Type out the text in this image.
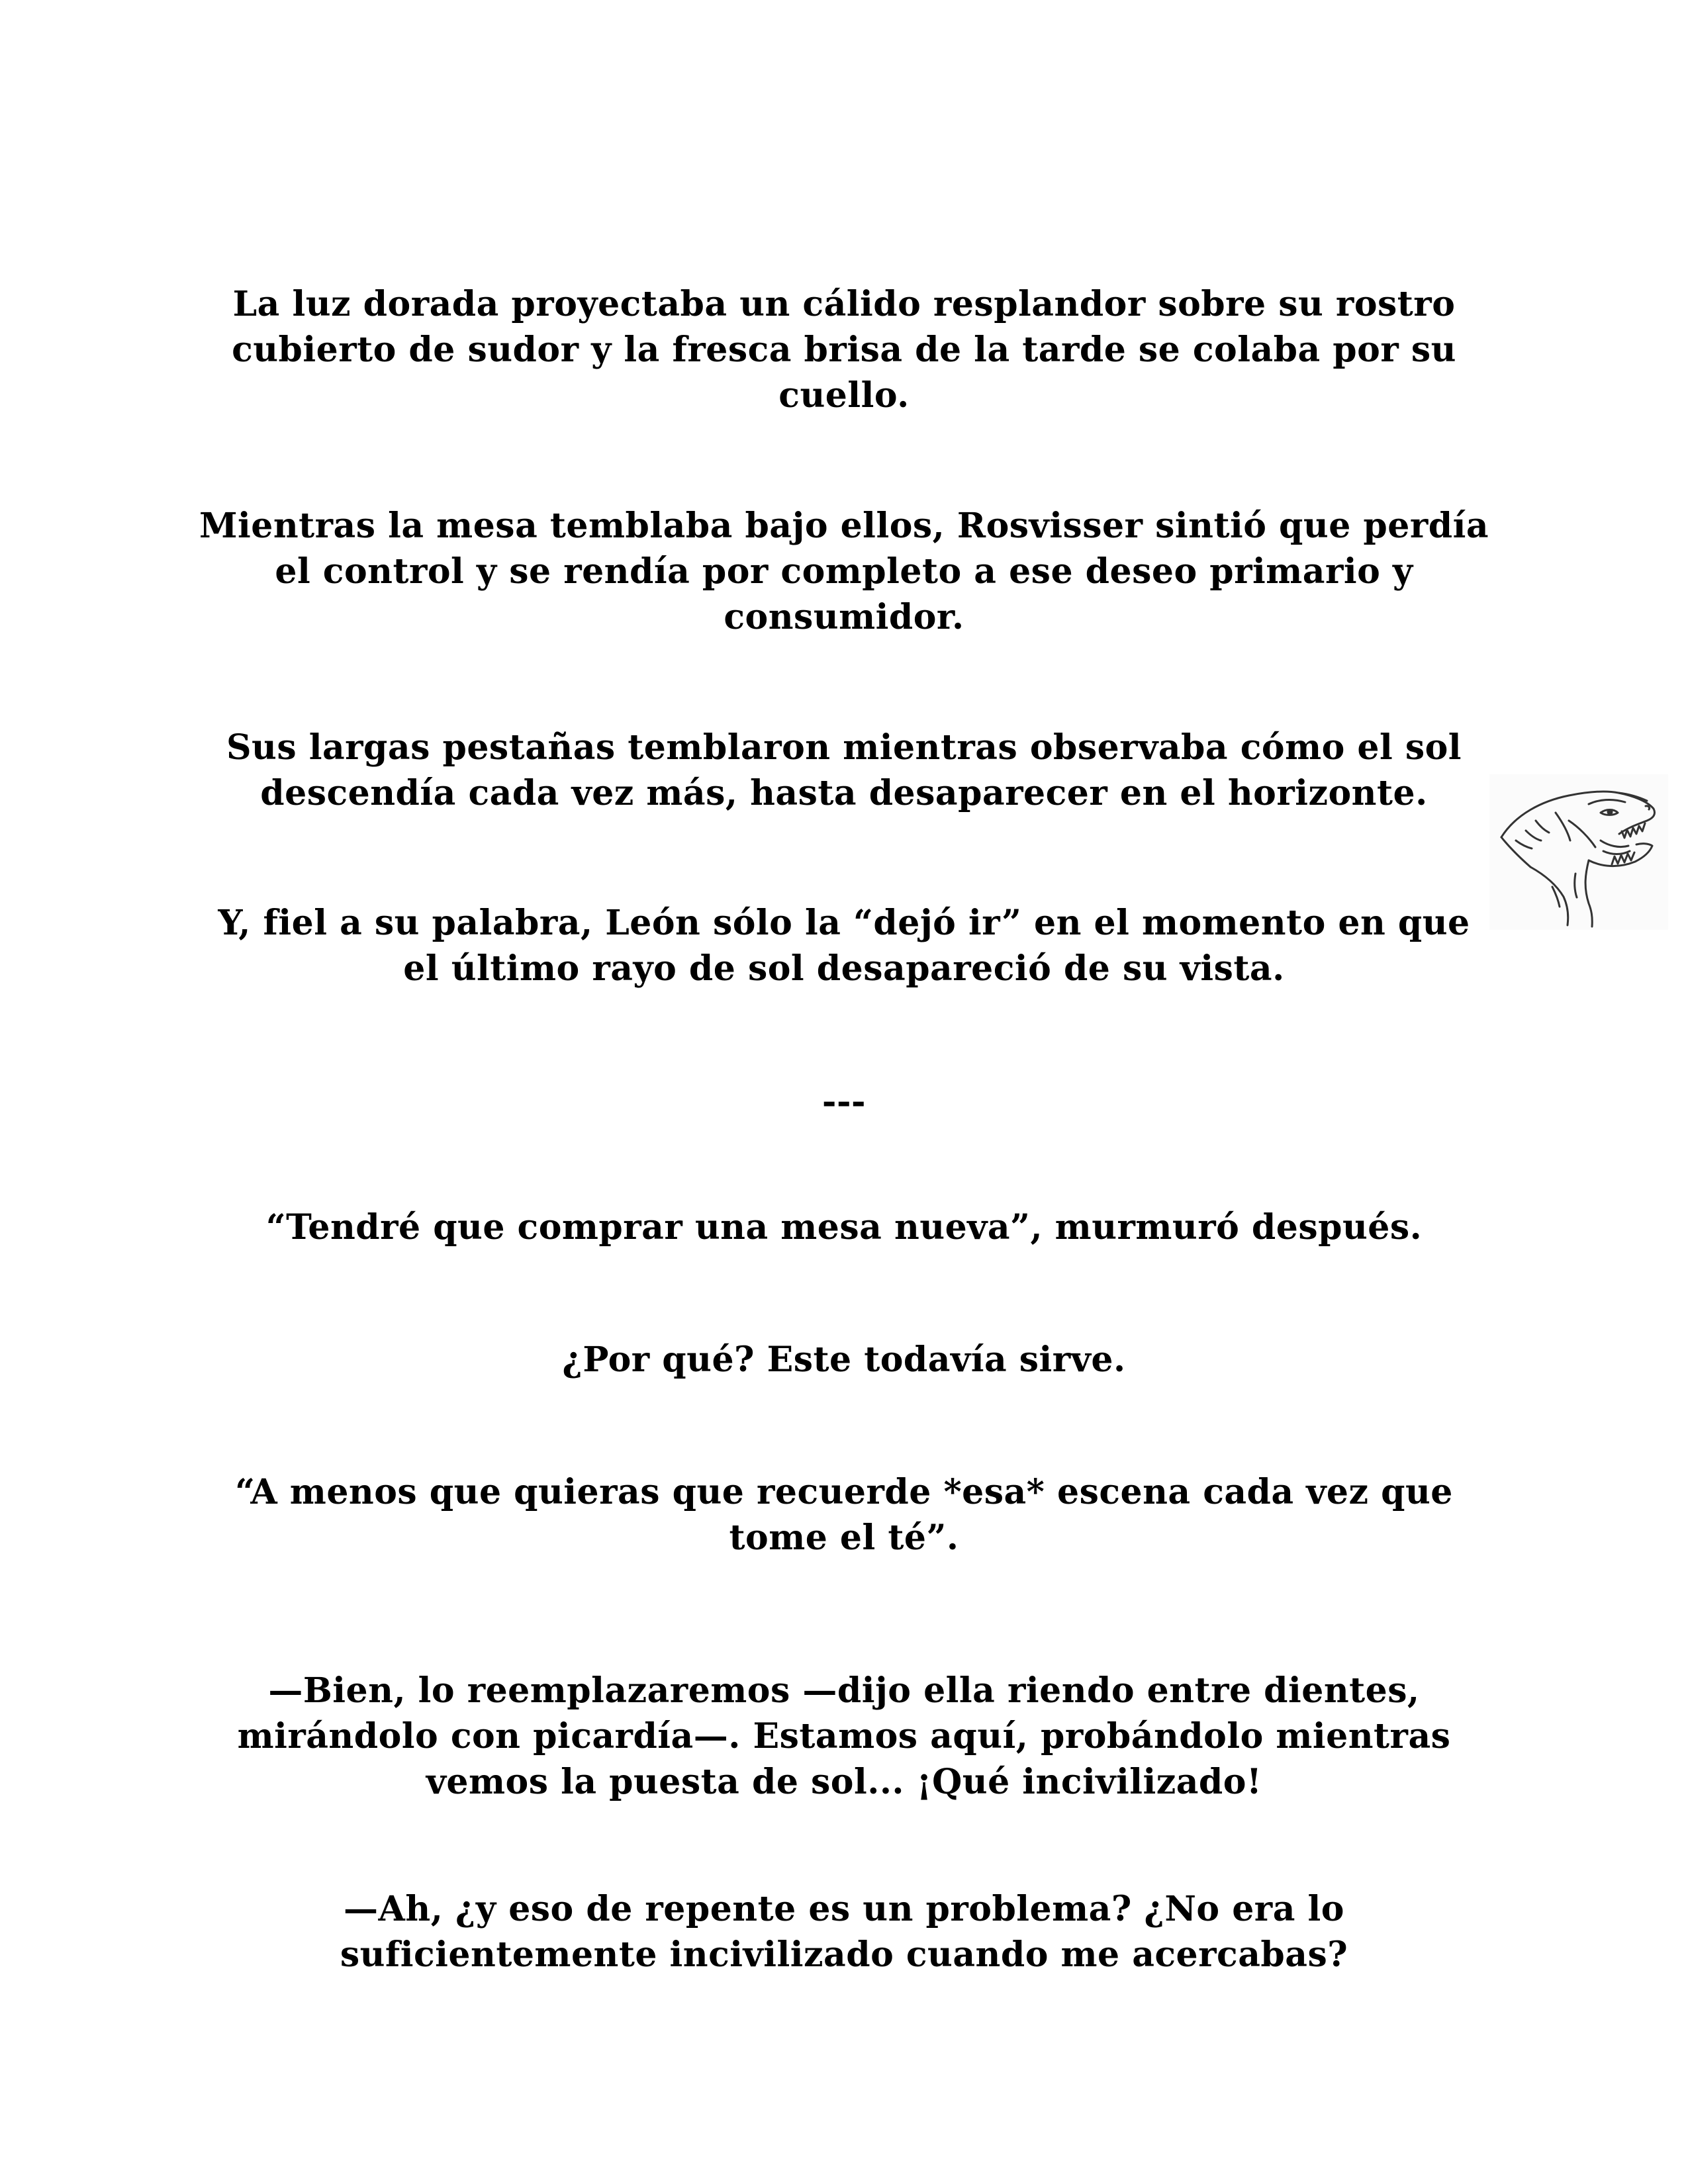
La luz dorada proyectaba un cálido resplandor sobre su rostro cubierto de sudor y la fresca brisa de la tarde se colaba por su cuello.

Mientras la mesa temblaba bajo ellos, Rosvisser sintió que perdía el control y se rendía por completo a ese deseo primario y consumidor.

Sus largas pestañas temblaron mientras observaba cómo el sol descendía cada vez más, hasta desaparecer en el horizonte.

Y, fiel a su palabra, León sólo la “dejó ir” en el momento en que el último rayo de sol desapareció de su vista.

---

“Tendré que comprar una mesa nueva”, murmuró después.

¿Por qué? Este todavía sirve.

“A menos que quieras que recuerde *esa* escena cada vez que tome el té”.

—Bien, lo reemplazaremos —dijo ella riendo entre dientes, mirándolo con picardía—. Estamos aquí, probándolo mientras vemos la puesta de sol... ¡Qué incivilizado!

—Ah, ¿y eso de repente es un problema? ¿No era lo suficientemente incivilizado cuando me acercabas?
